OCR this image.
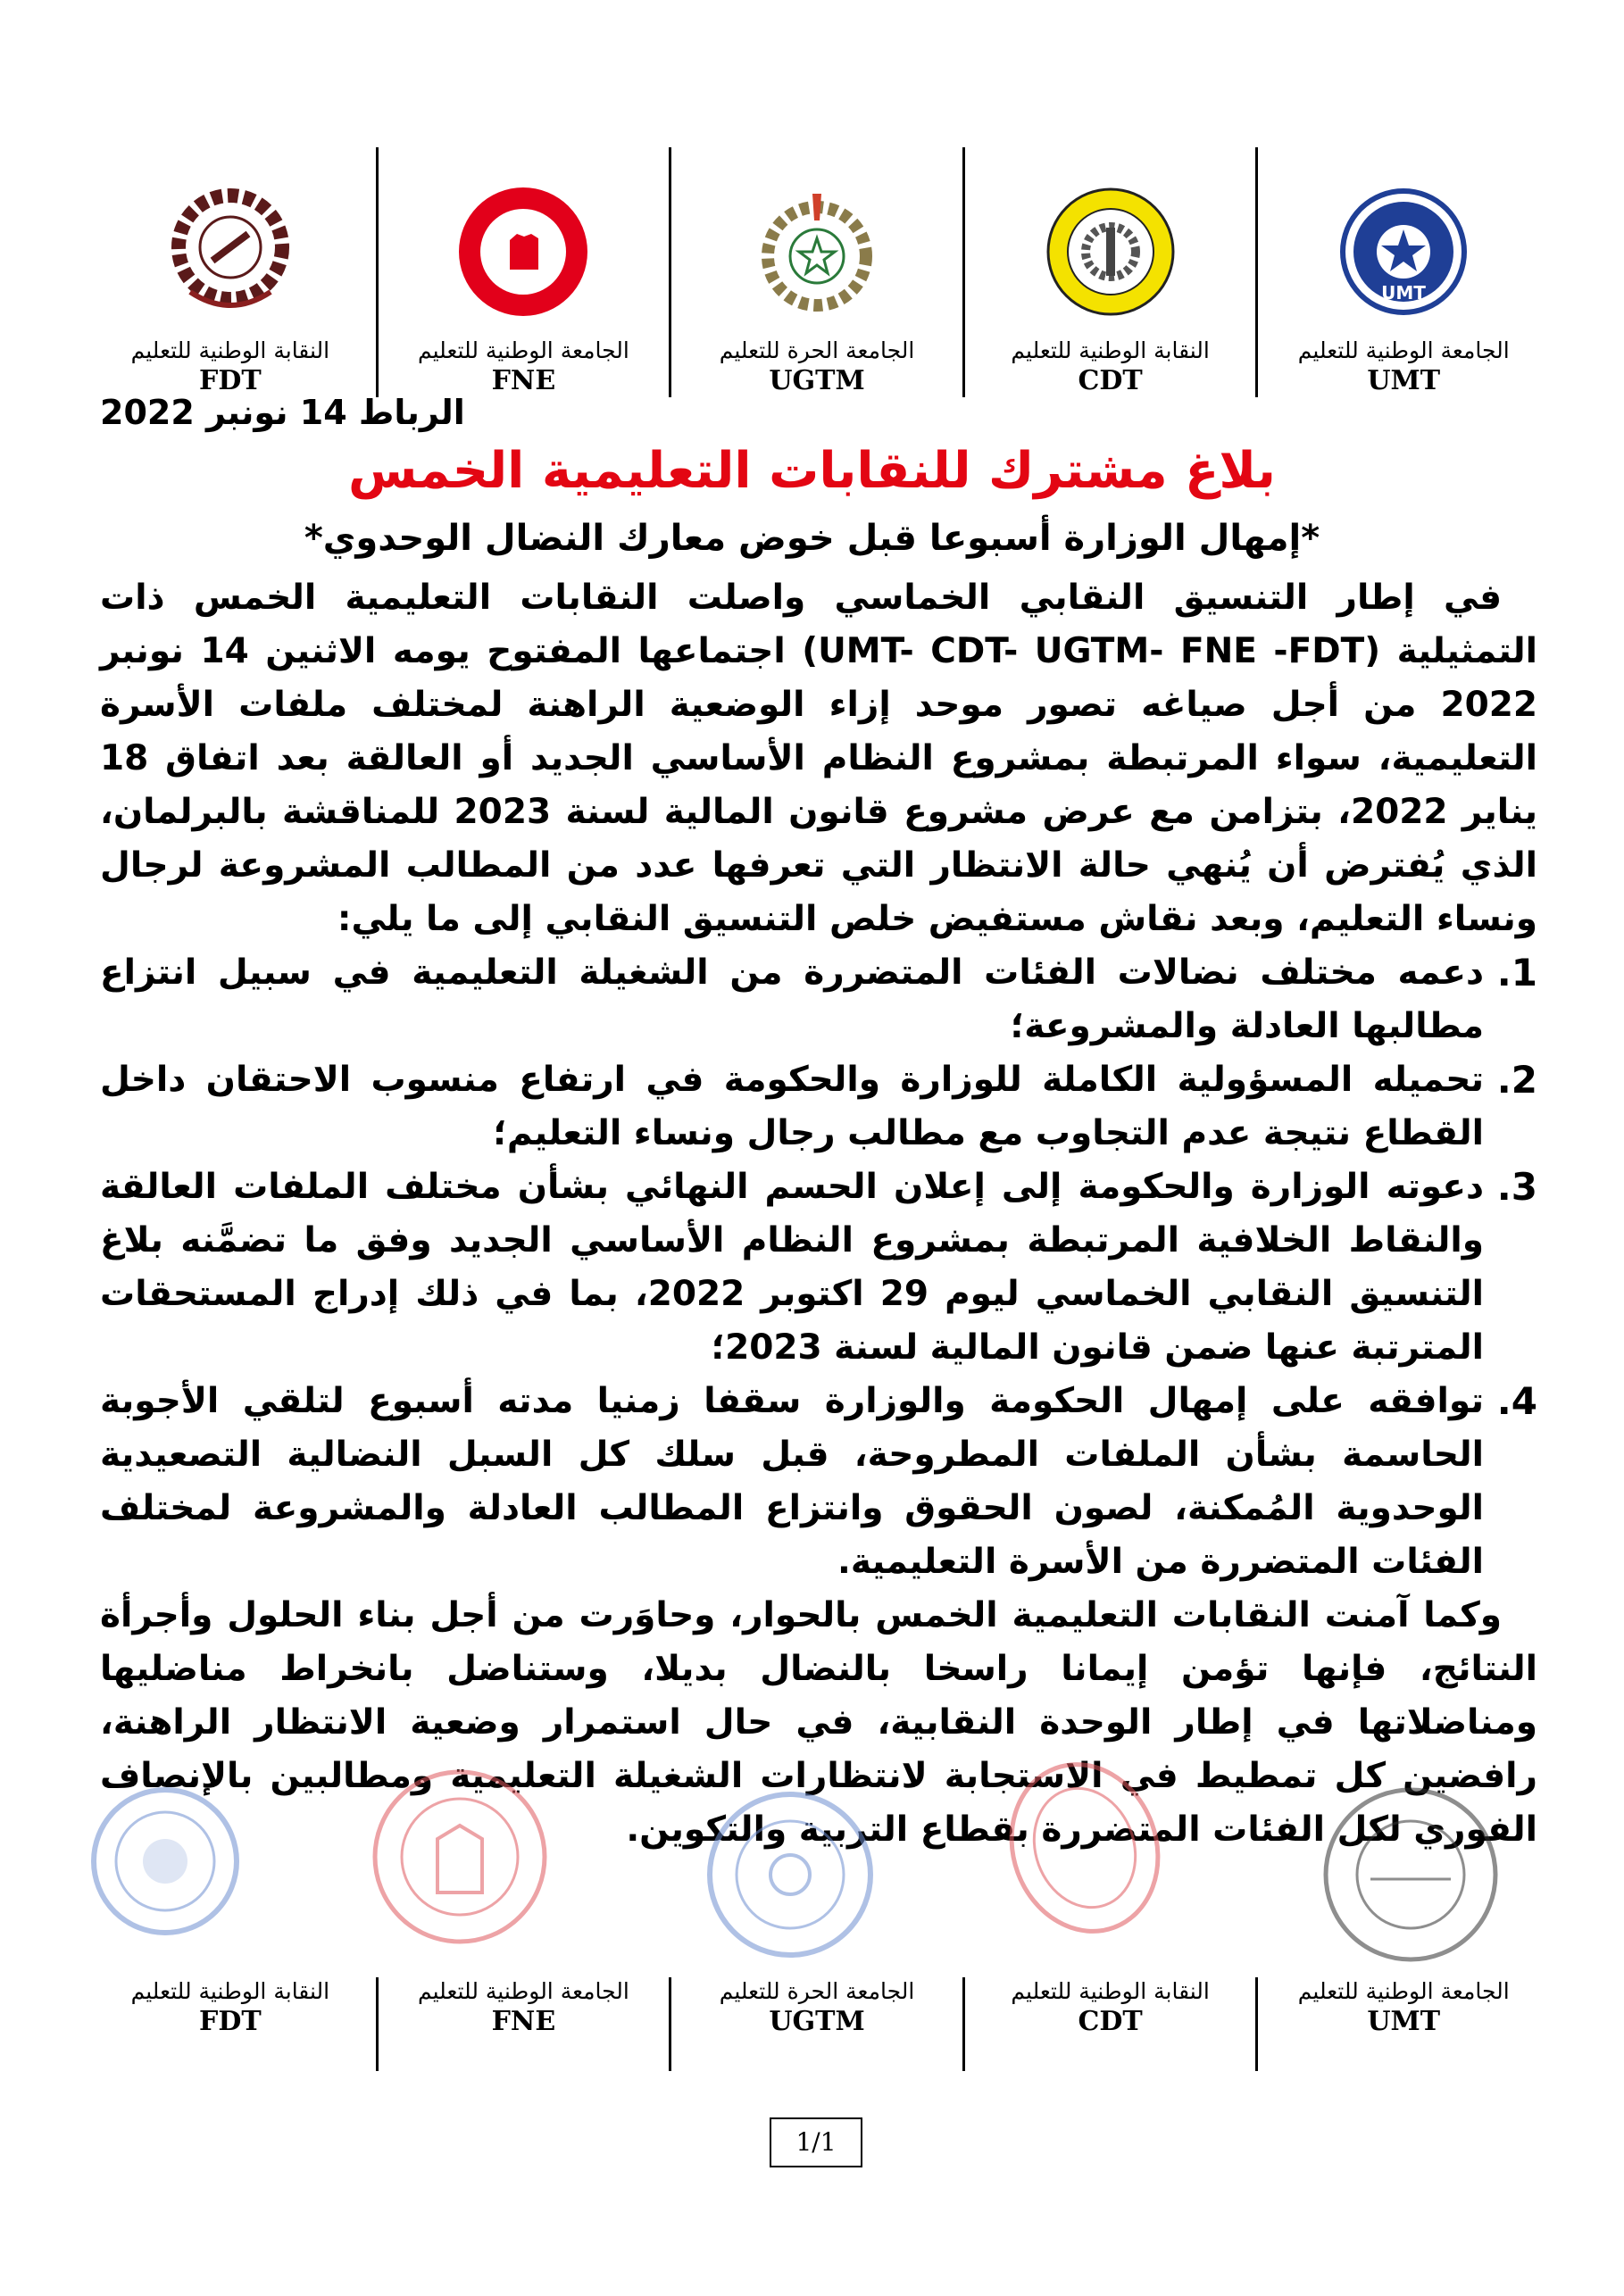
UMT
الجامعة الوطنية للتعليم
UMT
النقابة الوطنية للتعليم
CDT
الجامعة الحرة للتعليم
UGTM
FNE
الجامعة الوطنية للتعليم
FNE
النقابة الوطنية للتعليم
FDT
الرباط 14 نونبر 2022
بلاغ مشترك للنقابات التعليمية الخمس
*إمهال الوزارة أسبوعا قبل خوض معارك النضال الوحدوي*

في إطار التنسيق النقابي الخماسي واصلت النقابات التعليمية الخمس ذات التمثيلية (UMT- CDT- UGTM- FNE -FDT) اجتماعها المفتوح يومه الاثنين 14 نونبر 2022 من أجل صياغه تصور موحد إزاء الوضعية الراهنة لمختلف ملفات الأسرة التعليمية، سواء المرتبطة بمشروع النظام الأساسي الجديد أو العالقة بعد اتفاق 18 يناير 2022، بتزامن مع عرض مشروع قانون المالية لسنة 2023 للمناقشة بالبرلمان، الذي يُفترض أن يُنهي حالة الانتظار التي تعرفها عدد من المطالب المشروعة لرجال ونساء التعليم، وبعد نقاش مستفيض خلص التنسيق النقابي إلى ما يلي:

1.
دعمه مختلف نضالات الفئات المتضررة من الشغيلة التعليمية في سبيل انتزاع مطالبها العادلة والمشروعة؛
2.
تحميله المسؤولية الكاملة للوزارة والحكومة في ارتفاع منسوب الاحتقان داخل القطاع نتيجة عدم التجاوب مع مطالب رجال ونساء التعليم؛
3.
دعوته الوزارة والحكومة إلى إعلان الحسم النهائي بشأن مختلف الملفات العالقة والنقاط الخلافية المرتبطة بمشروع النظام الأساسي الجديد وفق ما تضمَّنه بلاغ التنسيق النقابي الخماسي ليوم 29 اكتوبر 2022، بما في ذلك إدراج المستحقات المترتبة عنها ضمن قانون المالية لسنة 2023؛
4.
توافقه على إمهال الحكومة والوزارة سقفا زمنيا مدته أسبوع لتلقي الأجوبة الحاسمة بشأن الملفات المطروحة، قبل سلك كل السبل النضالية التصعيدية الوحدوية المُمكنة، لصون الحقوق وانتزاع المطالب العادلة والمشروعة لمختلف الفئات المتضررة من الأسرة التعليمية.

وكما آمنت النقابات التعليمية الخمس بالحوار، وحاوَرت من أجل بناء الحلول وأجرأة النتائج، فإنها تؤمن إيمانا راسخا بالنضال بديلا، وستناضل بانخراط مناضليها ومناضلاتها في إطار الوحدة النقابية، في حال استمرار وضعية الانتظار الراهنة، رافضين كل تمطيط في الاستجابة لانتظارات الشغيلة التعليمية ومطالبين بالإنصاف الفوري لكل الفئات المتضررة بقطاع التربية والتكوين.

الجامعة الوطنية للتعليم
UMT
النقابة الوطنية للتعليم
CDT
الجامعة الحرة للتعليم
UGTM
الجامعة الوطنية للتعليم
FNE
النقابة الوطنية للتعليم
FDT
1/1
